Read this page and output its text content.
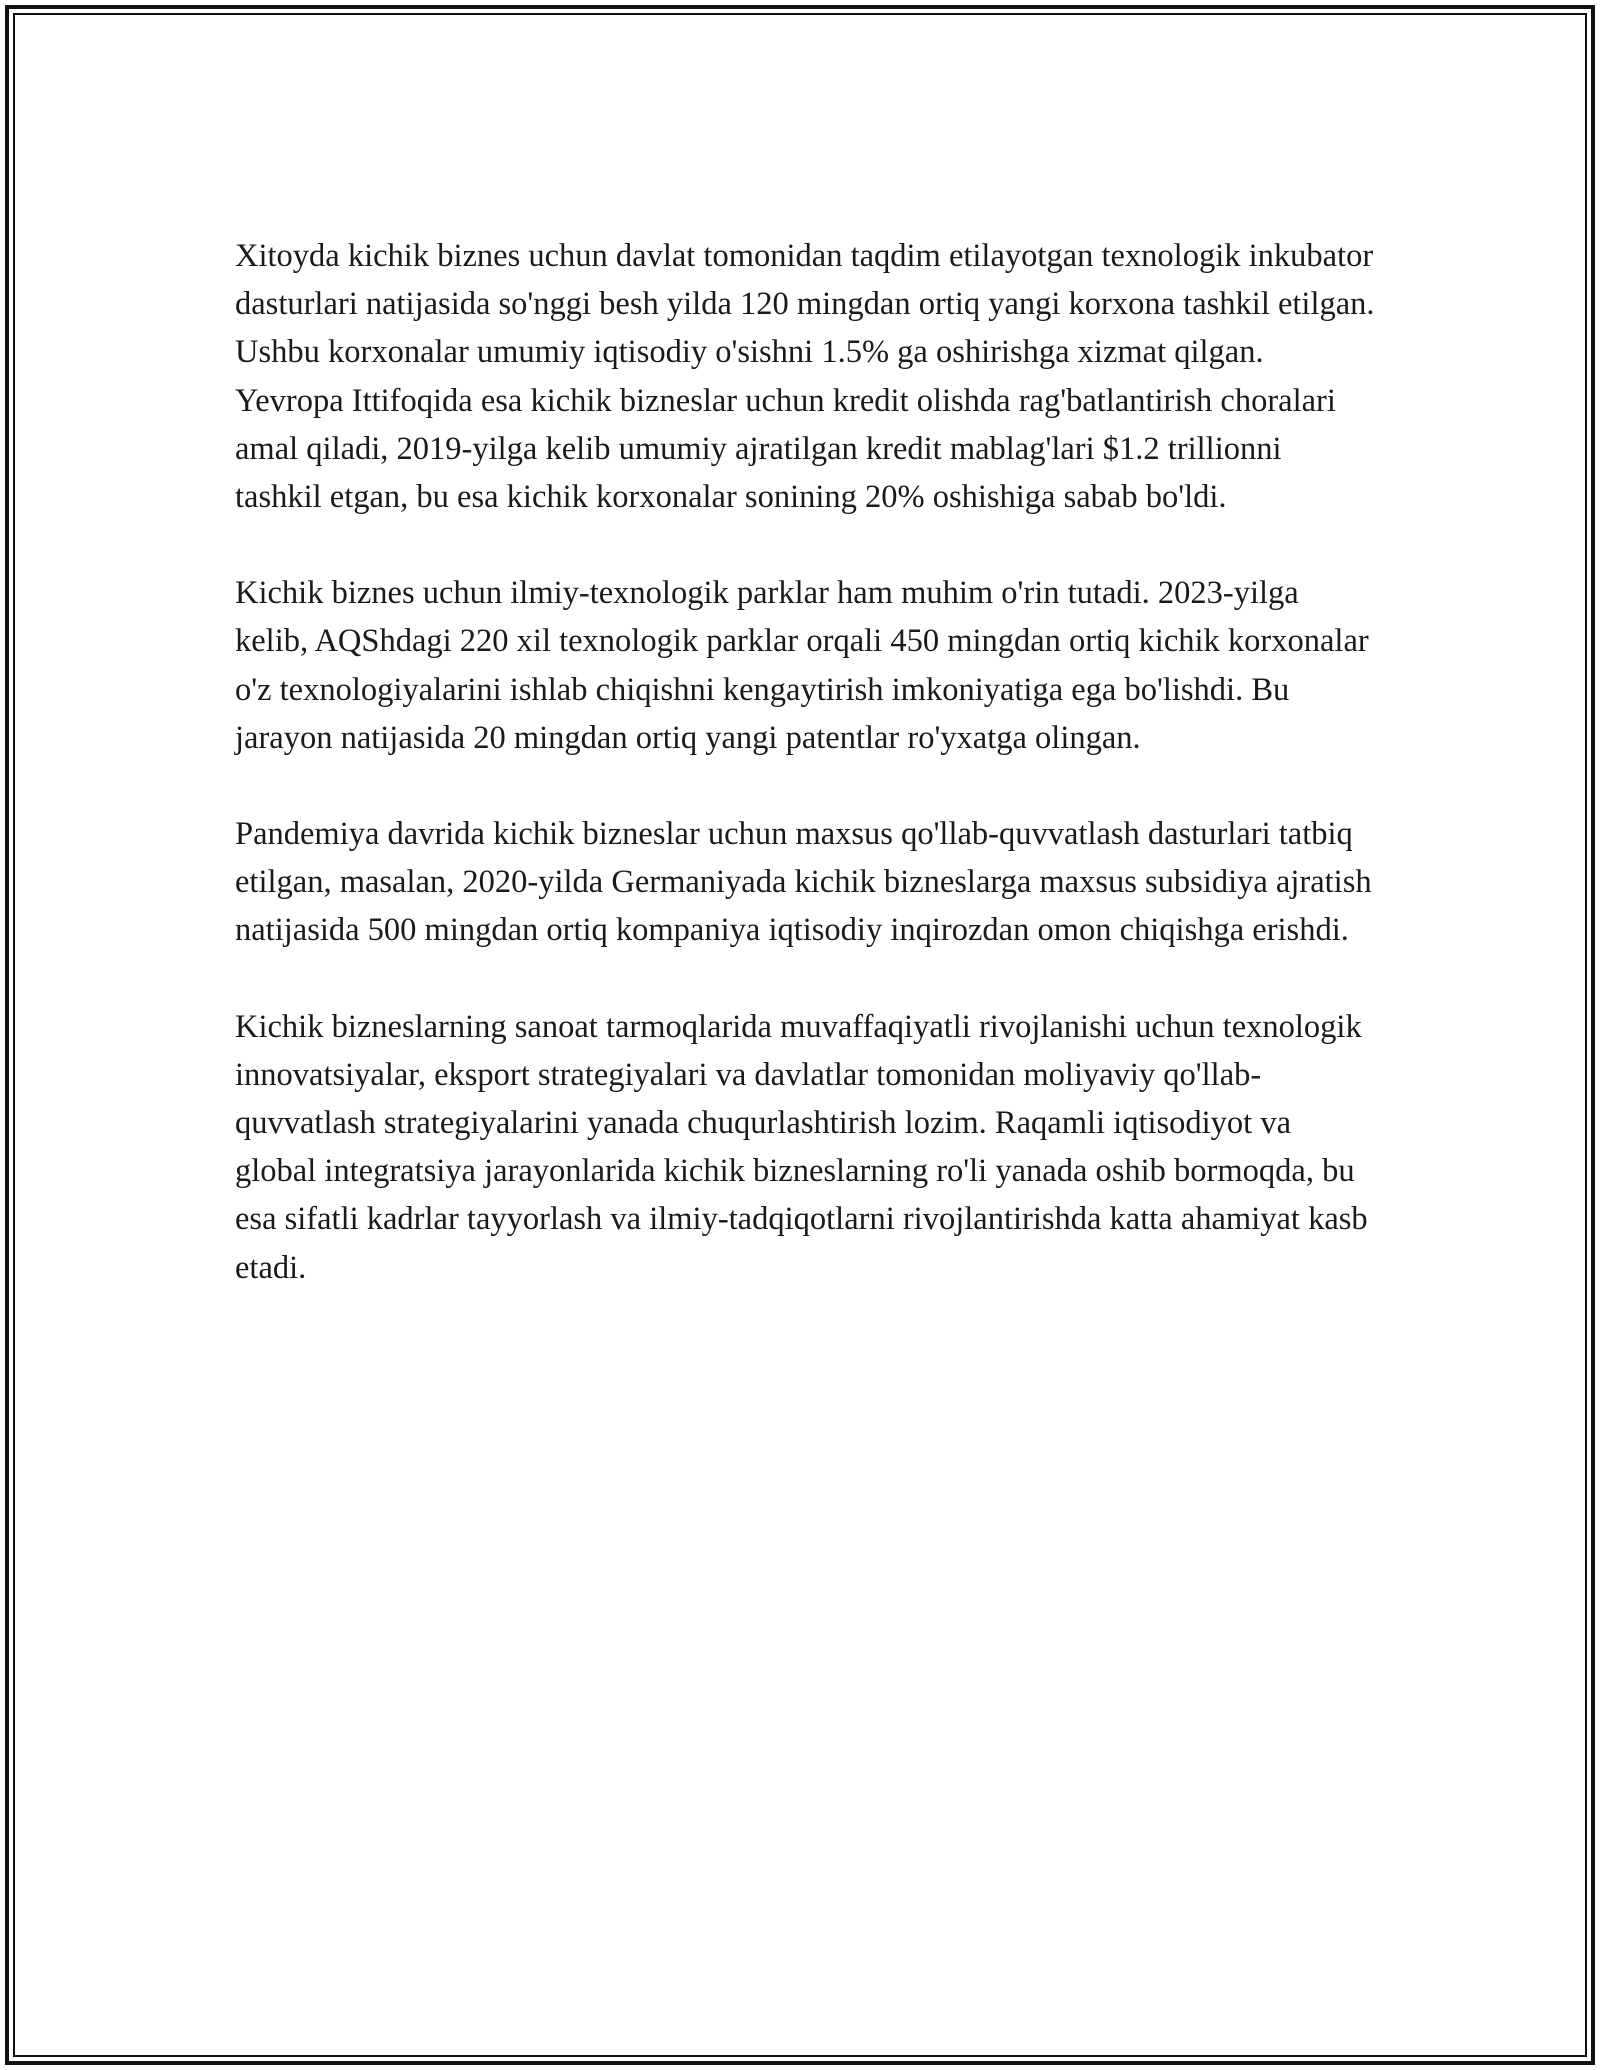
Xitoyda kichik biznes uchun davlat tomonidan taqdim etilayotgan texnologik inkubator dasturlari natijasida so'nggi besh yilda 120 mingdan ortiq yangi korxona tashkil etilgan. Ushbu korxonalar umumiy iqtisodiy o'sishni 1.5% ga oshirishga xizmat qilgan. Yevropa Ittifoqida esa kichik bizneslar uchun kredit olishda rag'batlantirish choralari amal qiladi, 2019-yilga kelib umumiy ajratilgan kredit mablag'lari $1.2 trillionni tashkil etgan, bu esa kichik korxonalar sonining 20% oshishiga sabab bo'ldi.

Kichik biznes uchun ilmiy-texnologik parklar ham muhim o'rin tutadi. 2023-yilga kelib, AQShdagi 220 xil texnologik parklar orqali 450 mingdan ortiq kichik korxonalar o'z texnologiyalarini ishlab chiqishni kengaytirish imkoniyatiga ega bo'lishdi. Bu jarayon natijasida 20 mingdan ortiq yangi patentlar ro'yxatga olingan.

Pandemiya davrida kichik bizneslar uchun maxsus qo'llab-quvvatlash dasturlari tatbiq etilgan, masalan, 2020-yilda Germaniyada kichik bizneslarga maxsus subsidiya ajratish natijasida 500 mingdan ortiq kompaniya iqtisodiy inqirozdan omon chiqishga erishdi.

Kichik bizneslarning sanoat tarmoqlarida muvaffaqiyatli rivojlanishi uchun texnologik innovatsiyalar, eksport strategiyalari va davlatlar tomonidan moliyaviy qo'llab-quvvatlash strategiyalarini yanada chuqurlashtirish lozim. Raqamli iqtisodiyot va global integratsiya jarayonlarida kichik bizneslarning ro'li yanada oshib bormoqda, bu esa sifatli kadrlar tayyorlash va ilmiy-tadqiqotlarni rivojlantirishda katta ahamiyat kasb etadi.
